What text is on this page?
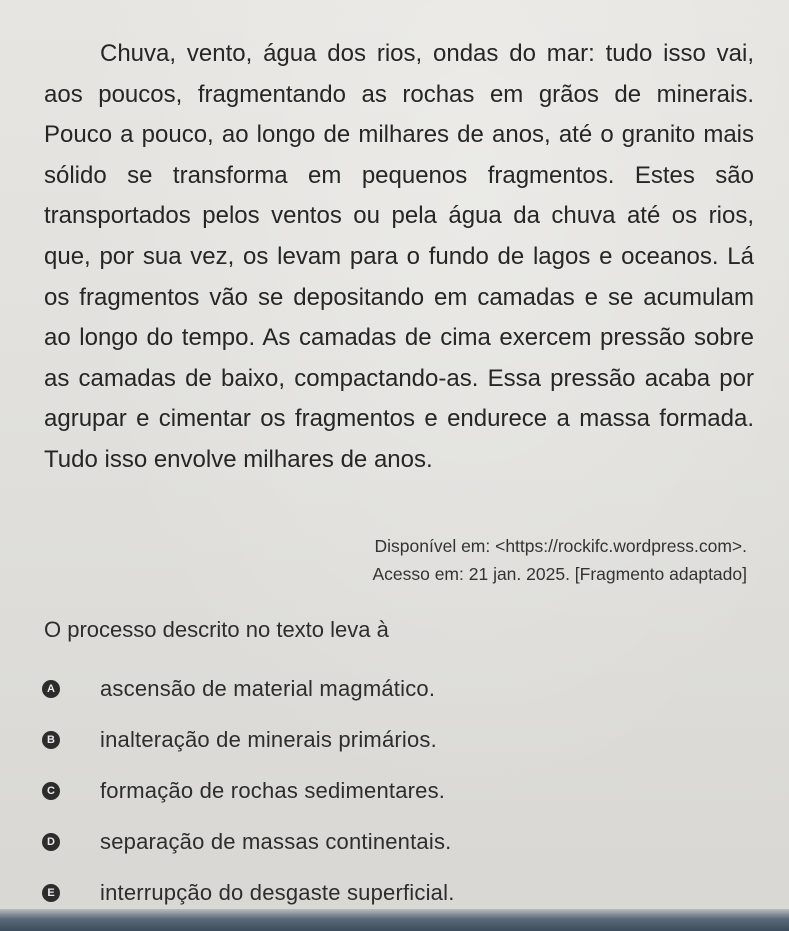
Chuva, vento, água dos rios, ondas do mar: tudo isso vai, aos poucos, fragmentando as rochas em grãos de minerais. Pouco a pouco, ao longo de milhares de anos, até o granito mais sólido se transforma em pequenos fragmentos. Estes são transportados pelos ventos ou pela água da chuva até os rios, que, por sua vez, os levam para o fundo de lagos e oceanos. Lá os fragmentos vão se depositando em camadas e se acumulam ao longo do tempo. As camadas de cima exercem pressão sobre as camadas de baixo, compactando-as. Essa pressão acaba por agrupar e cimentar os fragmentos e endurece a massa formada. Tudo isso envolve milhares de anos.

Disponível em: <https://rockifc.wordpress.com>.
Acesso em: 21 jan. 2025. [Fragmento adaptado]
O processo descrito no texto leva à
A ascensão de material magmático.
B inalteração de minerais primários.
C formação de rochas sedimentares.
D separação de massas continentais.
E interrupção do desgaste superficial.
